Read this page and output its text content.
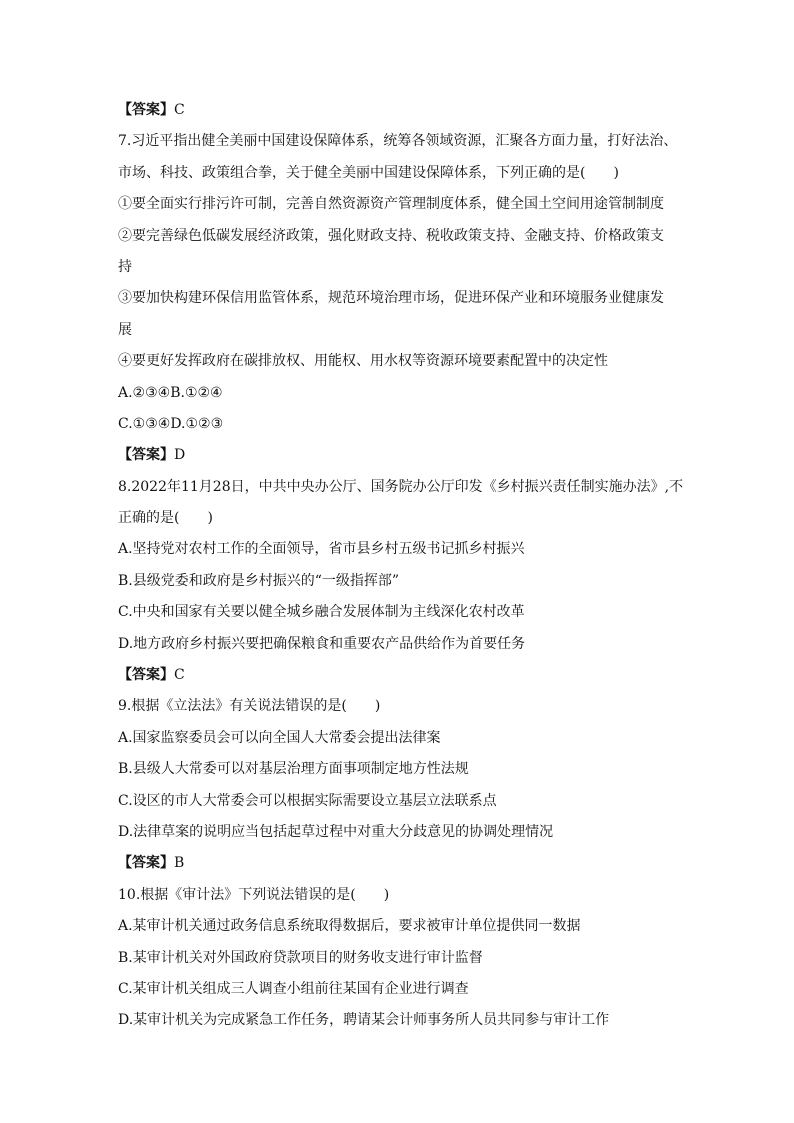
【答案】C

7.习近平指出健全美丽中国建设保障体系，统筹各领域资源，汇聚各方面力量，打好法治、

市场、科技、政策组合拳，关于健全美丽中国建设保障体系，下列正确的是(　　)

①要全面实行排污许可制，完善自然资源资产管理制度体系，健全国土空间用途管制制度

②要完善绿色低碳发展经济政策，强化财政支持、税收政策支持、金融支持、价格政策支

持

③要加快构建环保信用监管体系，规范环境治理市场，促进环保产业和环境服务业健康发

展

④要更好发挥政府在碳排放权、用能权、用水权等资源环境要素配置中的决定性

A.②③④B.①②④

C.①③④D.①②③

【答案】D

8.2022年11月28日，中共中央办公厅、国务院办公厅印发《乡村振兴责任制实施办法》,不

正确的是(　　)

A.坚持党对农村工作的全面领导，省市县乡村五级书记抓乡村振兴

B.县级党委和政府是乡村振兴的“一级指挥部”

C.中央和国家有关要以健全城乡融合发展体制为主线深化农村改革

D.地方政府乡村振兴要把确保粮食和重要农产品供给作为首要任务

【答案】C

9.根据《立法法》有关说法错误的是(　　)

A.国家监察委员会可以向全国人大常委会提出法律案

B.县级人大常委可以对基层治理方面事项制定地方性法规

C.设区的市人大常委会可以根据实际需要设立基层立法联系点

D.法律草案的说明应当包括起草过程中对重大分歧意见的协调处理情况

【答案】B

10.根据《审计法》下列说法错误的是(　　)

A.某审计机关通过政务信息系统取得数据后，要求被审计单位提供同一数据

B.某审计机关对外国政府贷款项目的财务收支进行审计监督

C.某审计机关组成三人调查小组前往某国有企业进行调查

D.某审计机关为完成紧急工作任务，聘请某会计师事务所人员共同参与审计工作
